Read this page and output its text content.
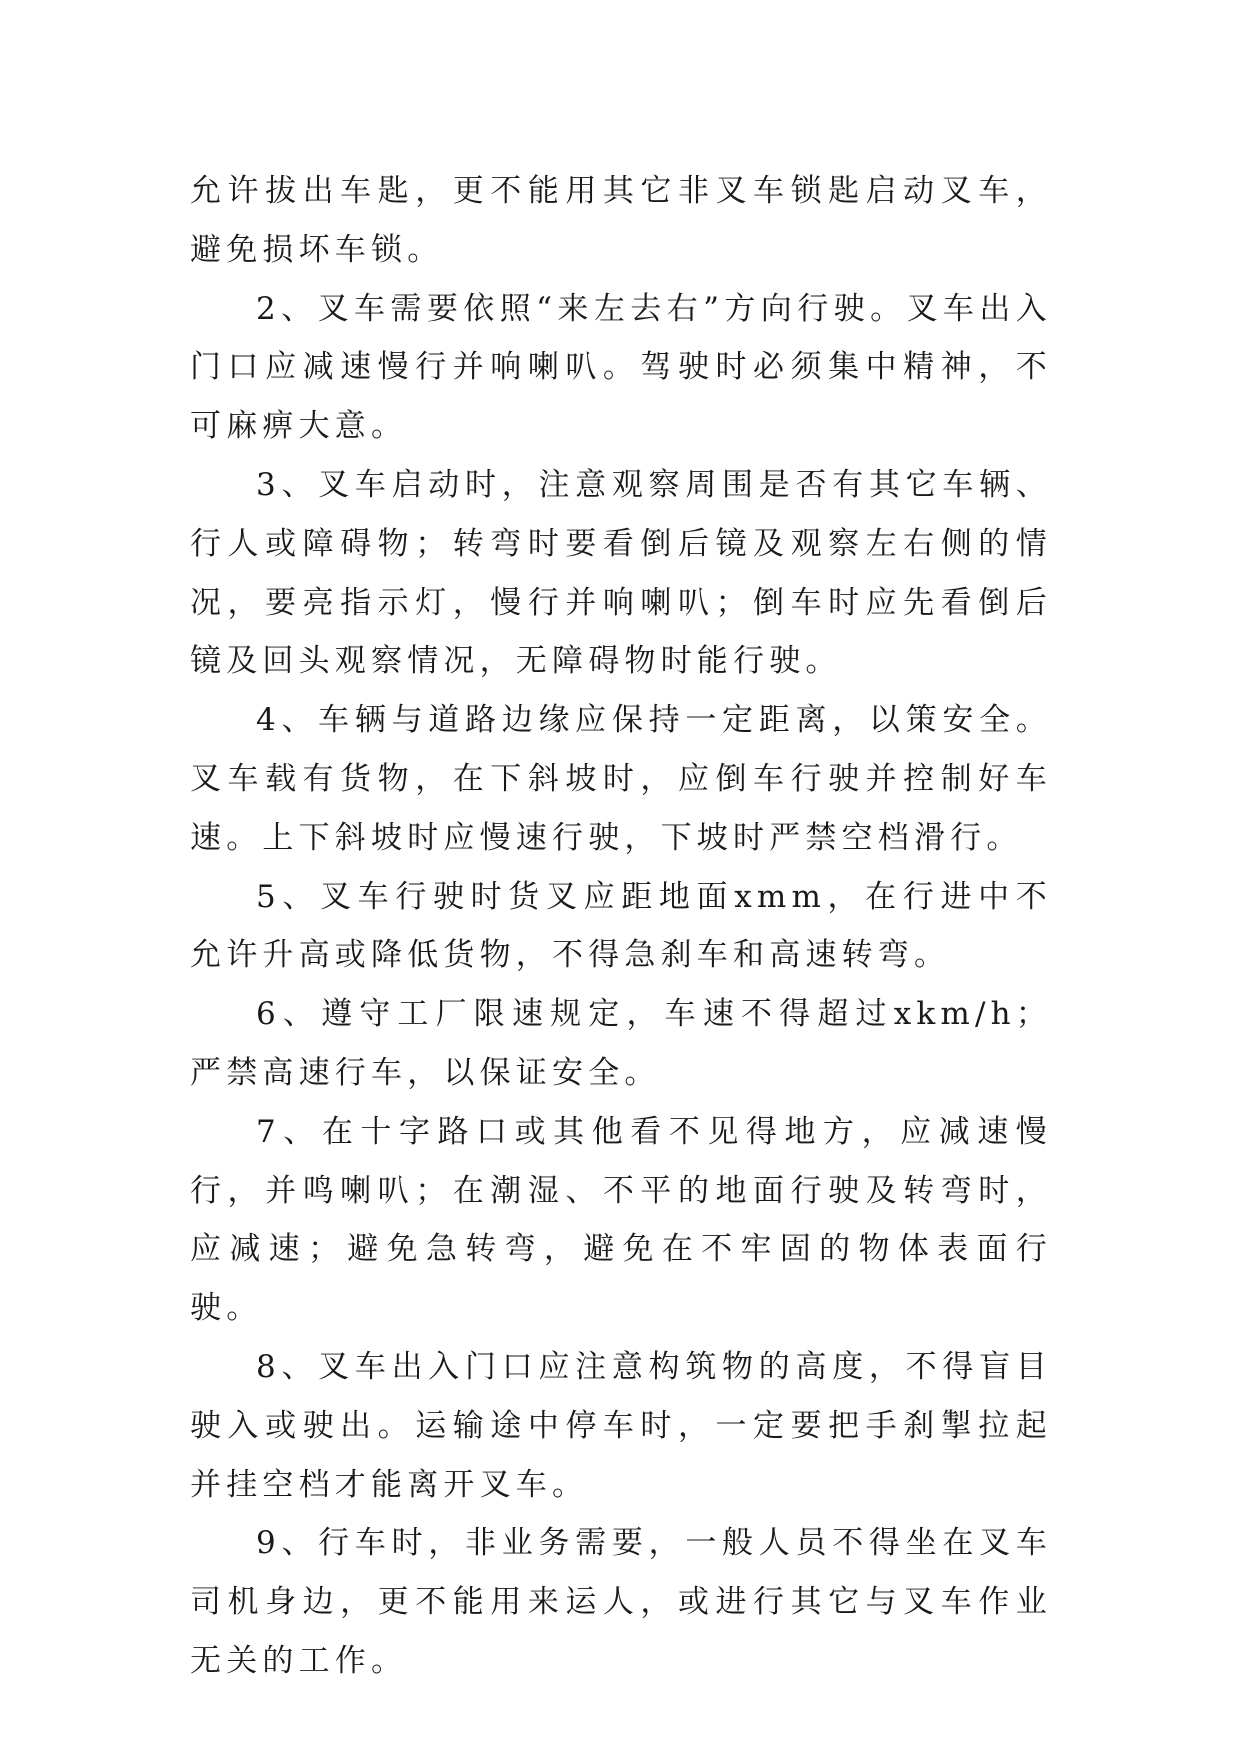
允许拔出车匙，更不能用其它非叉车锁匙启动叉车，避免损坏车锁。

2、叉车需要依照“来左去右”方向行驶。叉车出入门口应减速慢行并响喇叭。驾驶时必须集中精神，不可麻痹大意。

3、叉车启动时，注意观察周围是否有其它车辆、行人或障碍物；转弯时要看倒后镜及观察左右侧的情况，要亮指示灯，慢行并响喇叭；倒车时应先看倒后镜及回头观察情况，无障碍物时能行驶。

4、车辆与道路边缘应保持一定距离，以策安全。叉车载有货物，在下斜坡时，应倒车行驶并控制好车速。上下斜坡时应慢速行驶，下坡时严禁空档滑行。

5、叉车行驶时货叉应距地面xmm，在行进中不允许升高或降低货物，不得急刹车和高速转弯。

6、遵守工厂限速规定，车速不得超过xkm/h；严禁高速行车，以保证安全。

7、在十字路口或其他看不见得地方，应减速慢行，并鸣喇叭；在潮湿、不平的地面行驶及转弯时，应减速；避免急转弯，避免在不牢固的物体表面行驶。

8、叉车出入门口应注意构筑物的高度，不得盲目驶入或驶出。运输途中停车时，一定要把手刹掣拉起并挂空档才能离开叉车。

9、行车时，非业务需要，一般人员不得坐在叉车司机身边，更不能用来运人，或进行其它与叉车作业无关的工作。
